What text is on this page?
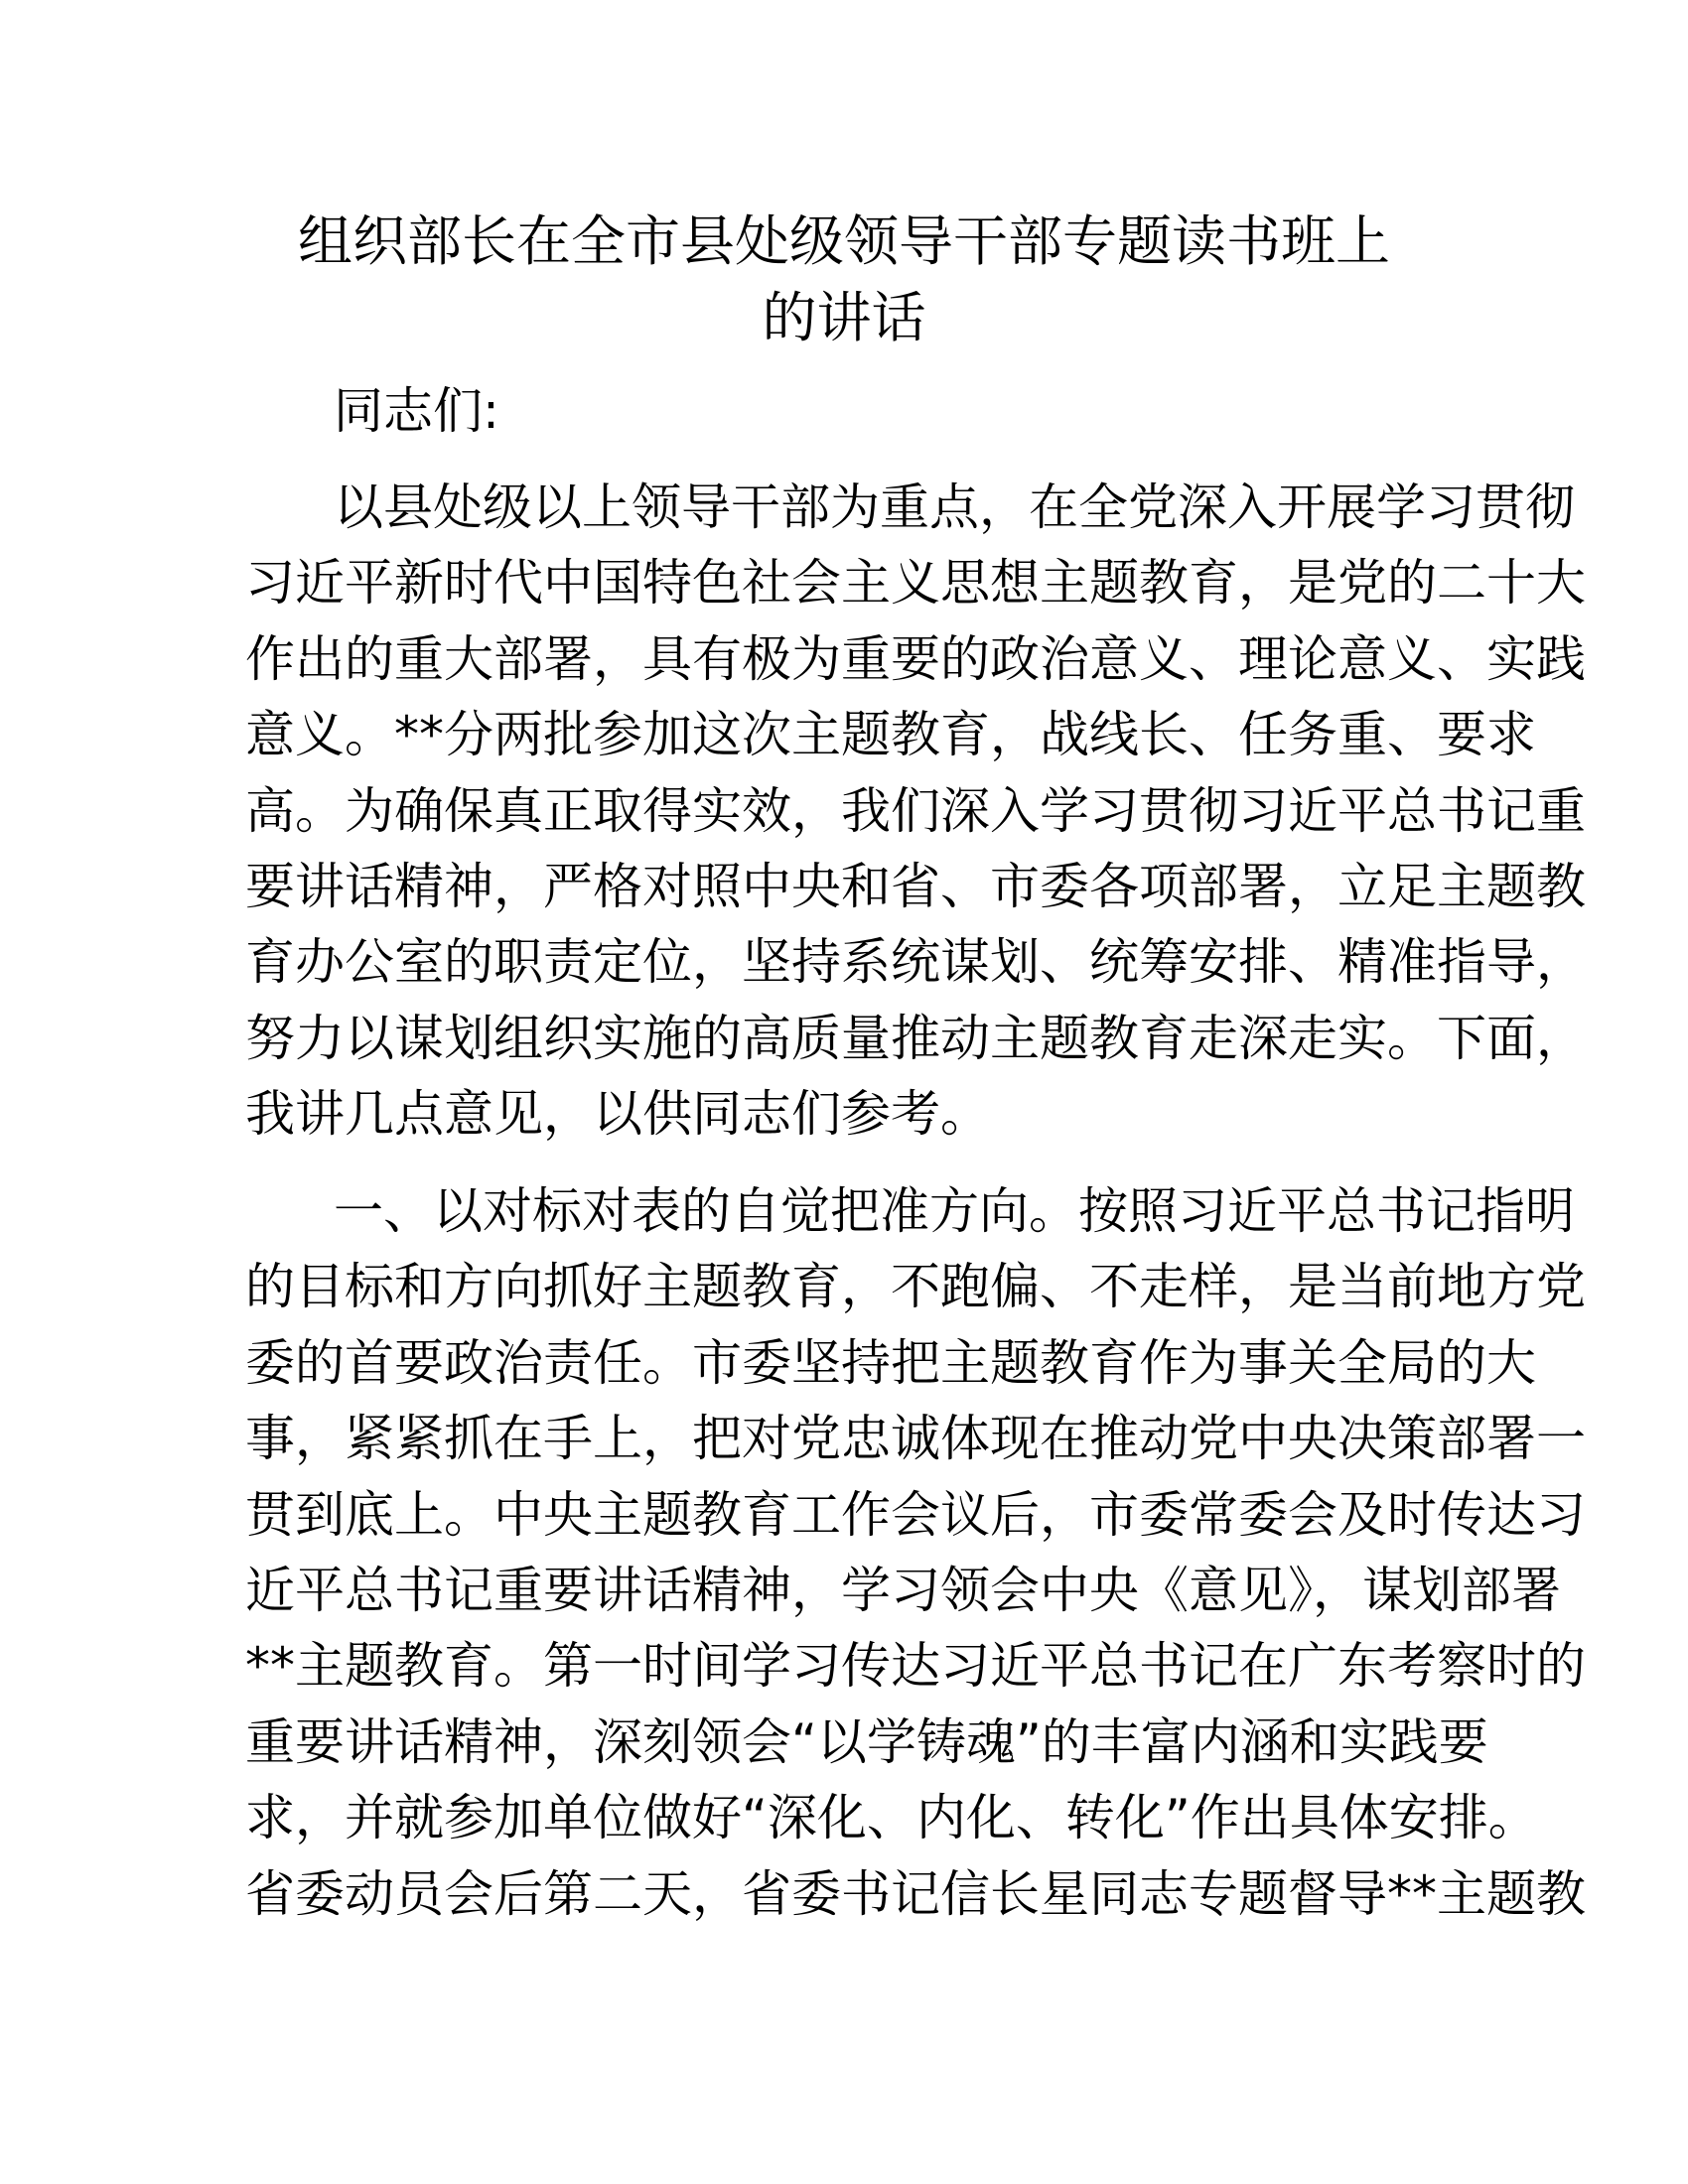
组织部长在全市县处级领导干部专题读书班上
的讲话
同志们:
以县处级以上领导干部为重点，在全党深入开展学习贯彻
习近平新时代中国特色社会主义思想主题教育，是党的二十大
作出的重大部署，具有极为重要的政治意义、理论意义、实践
意义。**分两批参加这次主题教育，战线长、任务重、要求
高。为确保真正取得实效，我们深入学习贯彻习近平总书记重
要讲话精神，严格对照中央和省、市委各项部署，立足主题教
育办公室的职责定位，坚持系统谋划、统筹安排、精准指导，
努力以谋划组织实施的高质量推动主题教育走深走实。下面，
我讲几点意见，以供同志们参考。
一、以对标对表的自觉把准方向。按照习近平总书记指明
的目标和方向抓好主题教育，不跑偏、不走样，是当前地方党
委的首要政治责任。市委坚持把主题教育作为事关全局的大
事，紧紧抓在手上，把对党忠诚体现在推动党中央决策部署一
贯到底上。中央主题教育工作会议后，市委常委会及时传达习
近平总书记重要讲话精神，学习领会中央《意见》，谋划部署
**主题教育。第一时间学习传达习近平总书记在广东考察时的
重要讲话精神，深刻领会“以学铸魂”的丰富内涵和实践要
求，并就参加单位做好“深化、内化、转化”作出具体安排。
省委动员会后第二天，省委书记信长星同志专题督导**主题教
